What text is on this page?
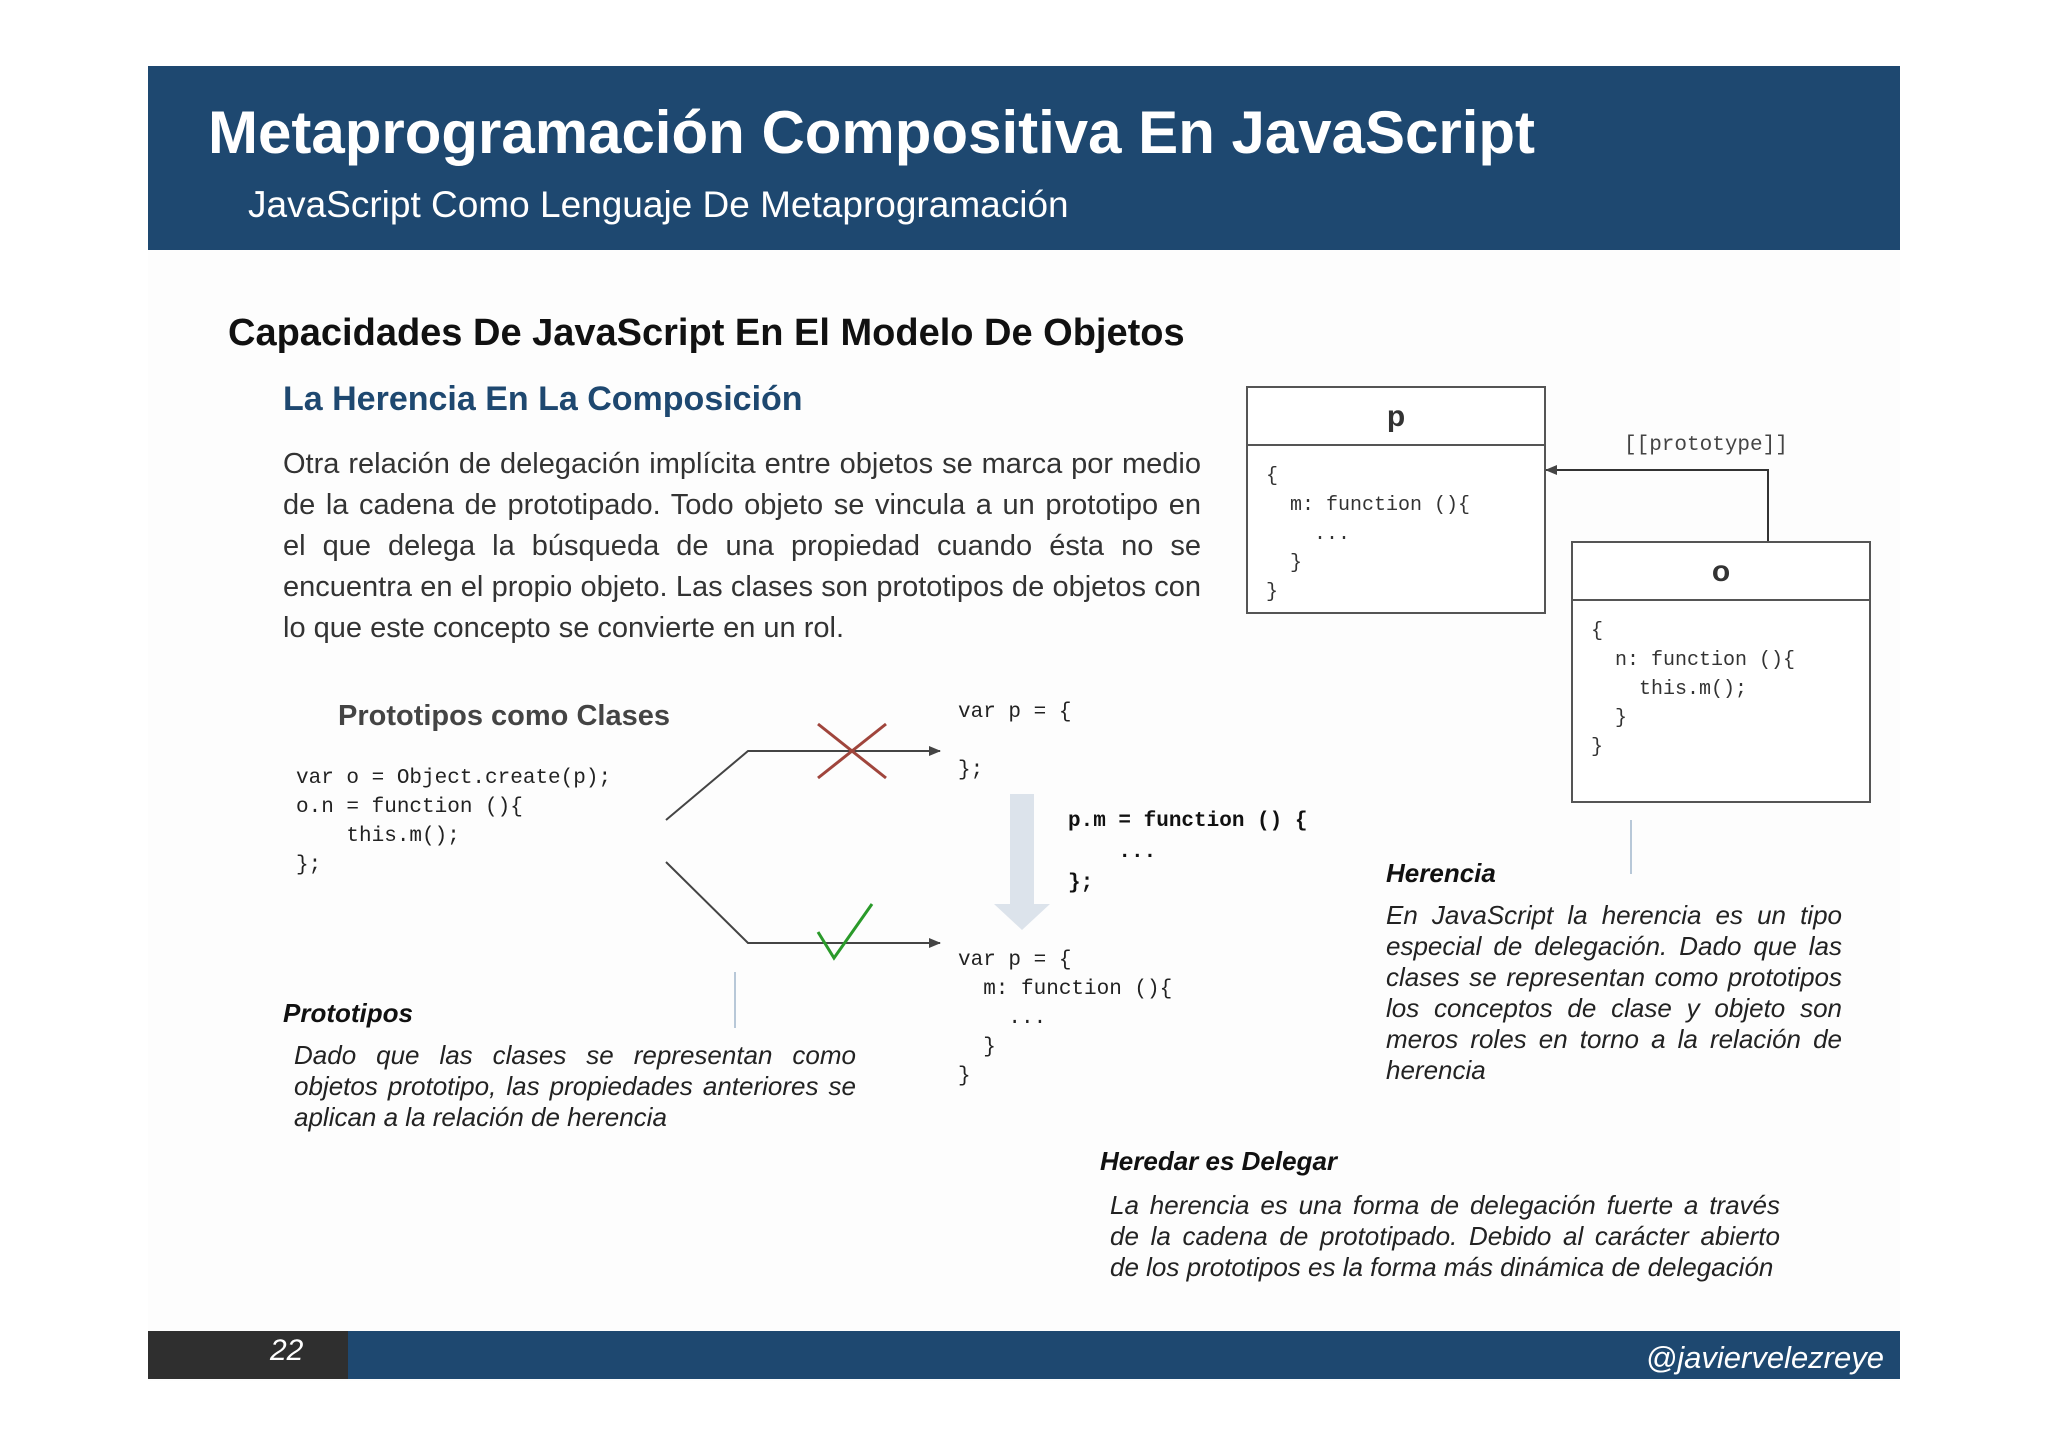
Metaprogramación Compositiva En JavaScript
JavaScript Como Lenguaje De Metaprogramación
Capacidades De JavaScript En El Modelo De Objetos
La Herencia En La Composición

Otra relación de delegación implícita entre objetos se marca por medio de la cadena de prototipado. Todo objeto se vincula a un prototipo en el que delega la búsqueda de una propiedad cuando ésta no se encuentra en el propio objeto. Las clases son prototipos de objetos con lo que este concepto se convierte en un rol.

Prototipos como Clases
var o = Object.create(p);
o.n = function (){
this.m();
};
var p = {

};
p.m = function () {
...
};
var p = {
m: function (){
...
}
}
p
{
m: function (){
...
}
}
o
{
n: function (){
this.m();
}
}
[[prototype]]
Prototipos

Dado que las clases se representan como objetos prototipo, las propiedades anteriores se aplican a la relación de herencia

Herencia

En JavaScript la herencia es un tipo especial de delegación. Dado que las clases se representan como prototipos los conceptos de clase y objeto son meros roles en torno a la relación de herencia

Heredar es Delegar

La herencia es una forma de delegación fuerte a través de la cadena de prototipado. Debido al carácter abierto de los prototipos es la forma más dinámica de delegación

22	@javiervelezreye
